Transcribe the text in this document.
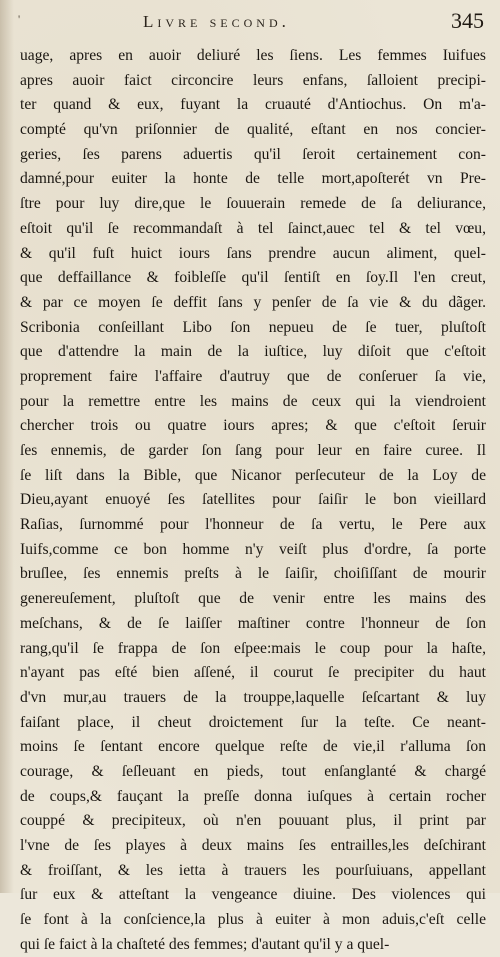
'	Livre second.	345
uage, apres en auoir deliuré les ſiens. Les femmes Iuifues
apres auoir faict circoncire leurs enfans, ſalloient precipi-
ter quand & eux, fuyant la cruauté d'Antiochus. On m'a-
compté qu'vn priſonnier de qualité, eſtant en nos concier-
geries, ſes parens aduertis qu'il ſeroit certainement con-
damné,pour euiter la honte de telle mort,apoſterét vn Pre-
ſtre pour luy dire,que le ſouuerain remede de ſa deliurance,
eſtoit qu'il ſe recommandaſt à tel ſainct,auec tel & tel vœu,
& qu'il fuſt huict iours ſans prendre aucun aliment, quel-
que deffaillance & foibleſſe qu'il ſentiſt en ſoy.Il l'en creut,
& par ce moyen ſe deffit ſans y penſer de ſa vie & du dãger.
Scribonia conſeillant Libo ſon nepueu de ſe tuer, pluſtoſt
que d'attendre la main de la iuſtice, luy diſoit que c'eſtoit
proprement faire l'affaire d'autruy que de conſeruer ſa vie,
pour la remettre entre les mains de ceux qui la viendroient
chercher trois ou quatre iours apres; & que c'eſtoit ſeruir
ſes ennemis, de garder ſon ſang pour leur en faire curee. Il
ſe liſt dans la Bible, que Nicanor perſecuteur de la Loy de
Dieu,ayant enuoyé ſes ſatellites pour ſaiſir le bon vieillard
Raſias, ſurnommé pour l'honneur de ſa vertu, le Pere aux
Iuifs,comme ce bon homme n'y veiſt plus d'ordre, ſa porte
bruſlee, ſes ennemis preſts à le ſaiſir, choiſiſſant de mourir
genereuſement, pluſtoſt que de venir entre les mains des
meſchans, & de ſe laiſſer maſtiner contre l'honneur de ſon
rang,qu'il ſe frappa de ſon eſpee:mais le coup pour la haſte,
n'ayant pas eſté bien aſſené, il courut ſe precipiter du haut
d'vn mur,au trauers de la trouppe,laquelle ſeſcartant & luy
faiſant place, il cheut droictement ſur la teſte. Ce neant-
moins ſe ſentant encore quelque reſte de vie,il r'alluma ſon
courage, & ſeſleuant en pieds, tout enſanglanté & chargé
de coups,& fauçant la preſſe donna iuſques à certain rocher
couppé & precipiteux, où n'en pouuant plus, il print par
l'vne de ſes playes à deux mains ſes entrailles,les deſchirant
& froiſſant, & les ietta à trauers les pourſuiuans, appellant
ſur eux & atteſtant la vengeance diuine. Des violences qui
ſe font à la conſcience,la plus à euiter à mon aduis,c'eſt celle
qui ſe faict à la chaſteté des femmes; d'autant qu'il y a quel-
